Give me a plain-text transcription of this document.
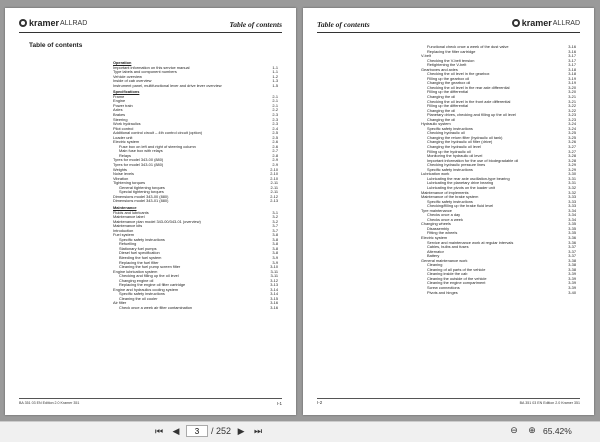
kramer ALLRAD	Table of contents
Table of contents
Operation
Important information on this service manual	1-1
Type labels and component numbers	1-1
Vehicle overview	1-2
Inside of cab overview	1-3
Instrument panel, multifunctional lever and drive lever overview	1-5
Specifications
Frame	2-1
Engine	2-1
Power train	2-1
Axles	2-2
Brakes	2-3
Steering	2-3
Work hydraulics	2-3
Pilot control	2-4
Additional control circuit – 4th control circuit (option)	2-5
Loader unit	2-5
Electric system	2-6
Fuse box on left and right of steering column	2-6
Main fuse box with relays	2-7
Relays	2-8
Tyres for model 343-00 (880)	2-9
Tyres for model 343-01 (880)	2-9
Weights	2-10
Noise levels	2-10
Vibration	2-10
Tightening torques	2-11
General tightening torques	2-11
Special tightening torques	2-11
Dimensions model 343-00 (880)	2-12
Dimensions model 343-01 (880)	2-13
Maintenance
Fluids and lubricants	3-1
Maintenance label	3-2
Maintenance plan model 343-00/343-01 (overview)	3-2
Maintenance kits	3-7
Introduction	3-7
Fuel system	3-8
Specific safety instructions	3-8
Refuelling	3-8
Stationary fuel pumps	3-8
Diesel fuel specification	3-8
Bleeding the fuel system	3-9
Replacing the fuel filter	3-9
Cleaning the fuel pump screen filter	3-10
Engine lubrication system	3-11
Checking and filling up the oil level	3-11
Changing engine oil	3-12
Replacing the engine oil filter cartridge	3-13
Engine and hydraulics cooling system	3-14
Specific safety instructions	3-14
Cleaning the oil cooler	3-15
Air filter	3-16
Check once a week air filter contamination	3-16
BA 351 03 EN Edition 2.0 Kramer 351	I-1
Table of contents	kramer ALLRAD
Functional check once a week of the dust valve	3-16
Replacing the filter cartridge	3-16
V-belt	3-17
Checking the V-belt tension	3-17
Retightening the V-belt	3-17
Gearboxes and axles	3-18
Checking the oil level in the gearbox	3-18
Filling up the gearbox oil	3-19
Changing the gearbox oil	3-19
Checking the oil level in the rear axle differential	3-20
Filling up the differential	3-20
Changing the oil	3-21
Checking the oil level in the front axle differential	3-21
Filling up the differential	3-22
Changing the oil	3-22
Planetary drives, checking and filling up the oil level	3-23
Changing the oil	3-23
Hydraulic system	3-24
Specific safety instructions	3-24
Checking hydraulic oil	3-25
Changing the return filter (hydraulic oil tank)	3-25
Changing the hydraulic oil filter (drive)	3-26
Changing the hydraulic oil level	3-27
Filling up the hydraulic oil	3-27
Monitoring the hydraulic oil level	3-28
Important information for the use of biodegradable oil	3-28
Checking hydraulic pressure lines	3-29
Specific safety instructions	3-29
Lubrication work	3-30
Lubricating the rear axle oscillation-type bearing	3-31
Lubricating the planetary drive bearing	3-31
Lubricating the pivots on the loader unit	3-32
Maintenance of implements	3-32
Maintenance of the brake system	3-33
Specific safety instructions	3-33
Checking/filling up the brake fluid level	3-33
Tyre maintenance	3-34
Checks once a day	3-34
Checks once a week	3-34
Changing wheels	3-35
Disassembly	3-35
Fitting the wheels	3-35
Electric system	3-36
Service and maintenance work at regular intervals	3-36
Cables, bulbs and fuses	3-37
Alternator	3-37
Battery	3-37
General maintenance work	3-38
Cleaning	3-38
Cleaning of all parts of the vehicle	3-38
Cleaning inside the cab	3-39
Cleaning the outside of the vehicle	3-39
Cleaning the engine compartment	3-39
Screw connections	3-39
Pivots and hinges	3-40
I-2	BA 351 03 EN Edition 2.0 Kramer 351
⏮	◀
3	/ 252 ▶	⏭	⊖	⊕ 65.42%
